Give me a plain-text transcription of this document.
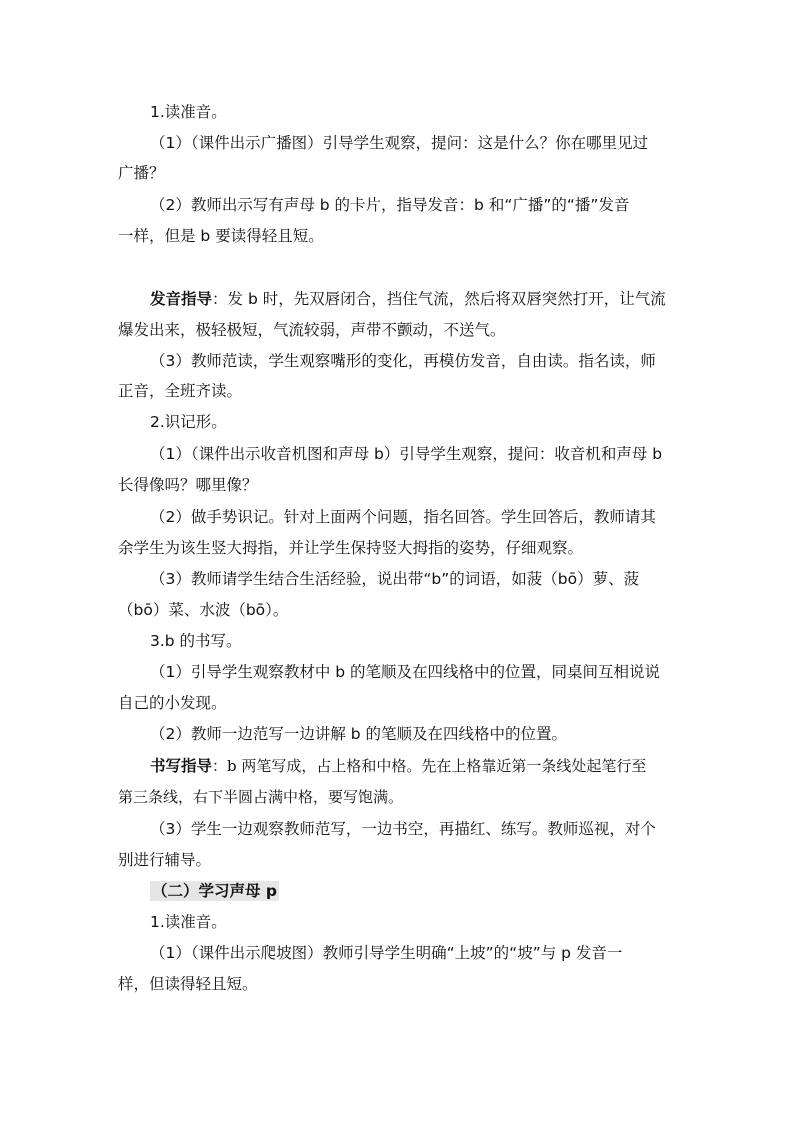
1.读准音。
（1）（课件出示广播图）引导学生观察，提问：这是什么？你在哪里见过
广播？
（2）教师出示写有声母 b 的卡片，指导发音：b 和“广播”的“播”发音
一样，但是 b 要读得轻且短。
发音指导：发 b 时，先双唇闭合，挡住气流，然后将双唇突然打开，让气流
爆发出来，极轻极短，气流较弱，声带不颤动，不送气。
（3）教师范读，学生观察嘴形的变化，再模仿发音，自由读。指名读，师
正音，全班齐读。
2.识记形。
（1）（课件出示收音机图和声母 b）引导学生观察，提问：收音机和声母 b
长得像吗？哪里像？
（2）做手势识记。针对上面两个问题，指名回答。学生回答后，教师请其
余学生为该生竖大拇指，并让学生保持竖大拇指的姿势，仔细观察。
（3）教师请学生结合生活经验，说出带“b”的词语，如菠（bō）萝、菠
（bō）菜、水波（bō）。
3.b 的书写。
（1）引导学生观察教材中 b 的笔顺及在四线格中的位置，同桌间互相说说
自己的小发现。
（2）教师一边范写一边讲解 b 的笔顺及在四线格中的位置。
书写指导：b 两笔写成，占上格和中格。先在上格靠近第一条线处起笔行至
第三条线，右下半圆占满中格，要写饱满。
（3）学生一边观察教师范写，一边书空，再描红、练写。教师巡视，对个
别进行辅导。
（二）学习声母 p
1.读准音。
（1）（课件出示爬坡图）教师引导学生明确“上坡”的“坡”与 p 发音一
样，但读得轻且短。
